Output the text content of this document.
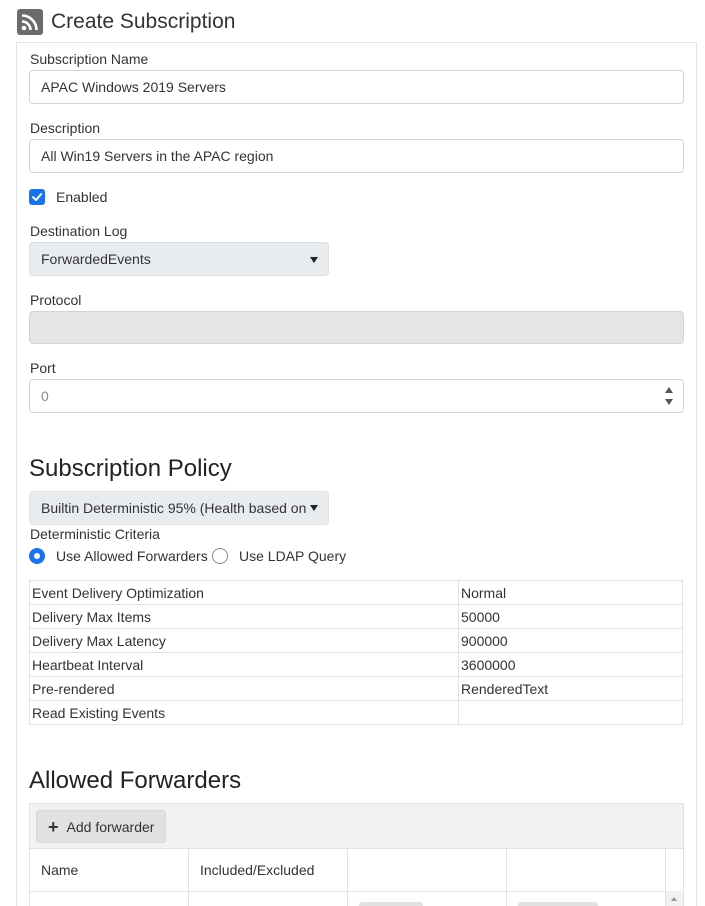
Create Subscription
Subscription Name
APAC Windows 2019 Servers
Description
All Win19 Servers in the APAC region
Enabled
Destination Log
ForwardedEvents
Protocol
Port
0
Subscription Policy
Builtin Deterministic 95% (Health based on
Deterministic Criteria
Use Allowed Forwarders Use LDAP Query
Event Delivery Optimization	Normal
Delivery Max Items	50000
Delivery Max Latency	900000
Heartbeat Interval	3600000
Pre-rendered	RenderedText
Read Existing Events	
Allowed Forwarders
+ Add forwarder
Name	Included/Excluded
